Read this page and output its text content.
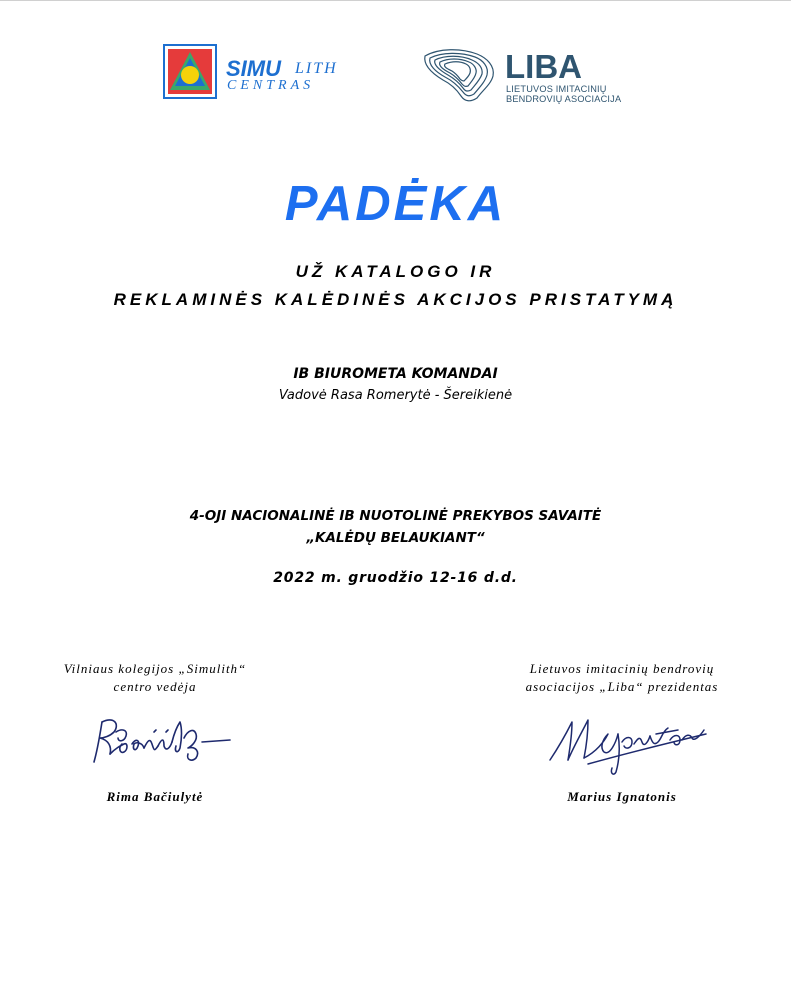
SIMU LITH
CENTRAS
LIBA
LIETUVOS IMITACINIŲ
BENDROVIŲ ASOCIACIJA
PADĖKA
UŽ KATALOGO IR
REKLAMINĖS KALĖDINĖS AKCIJOS PRISTATYMĄ
IB BIUROMETA KOMANDAI
Vadovė Rasa Romerytė - Šereikienė
4-OJI NACIONALINĖ IB NUOTOLINĖ PREKYBOS SAVAITĖ
„KALĖDŲ BELAUKIANT“
2022 m. gruodžio 12-16 d.d.
Vilniaus kolegijos „Simulith“
centro vedėja
Rima Bačiulytė
Lietuvos imitacinių bendrovių
asociacijos „Liba“ prezidentas
Marius Ignatonis
